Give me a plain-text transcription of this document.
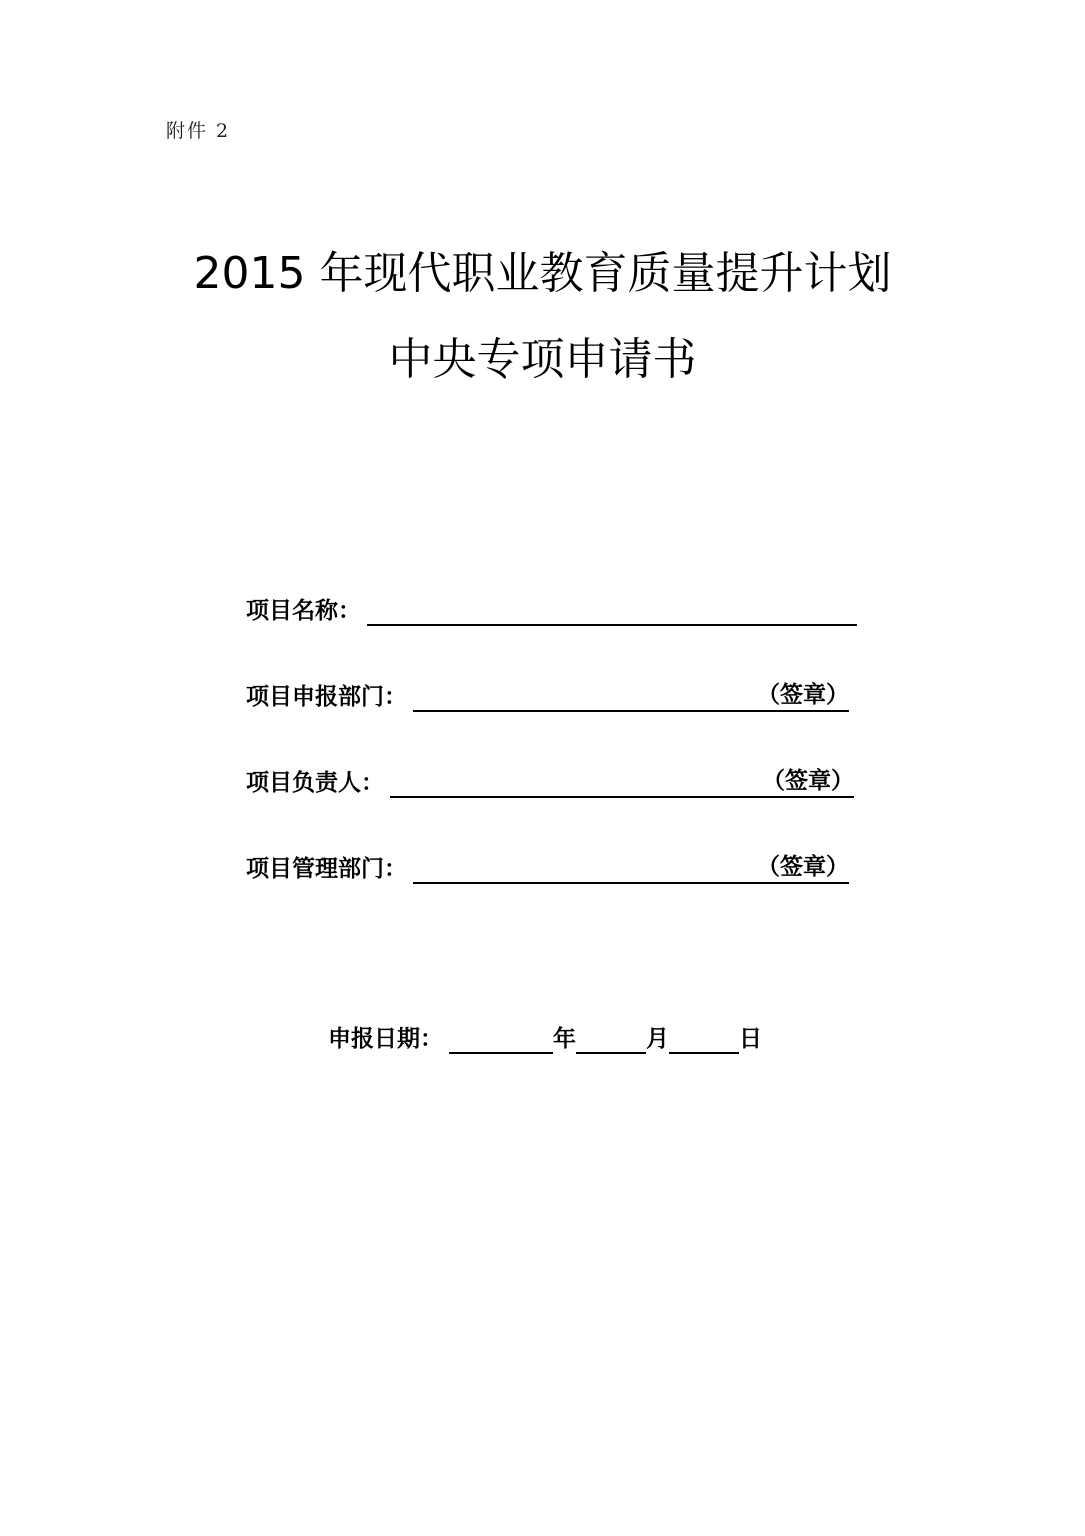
附件 2
2015 年现代职业教育质量提升计划
中央专项申请书
项目名称：
项目申报部门：	（签章）
项目负责人：	（签章）
项目管理部门：	（签章）
申报日期：	年	月	日
